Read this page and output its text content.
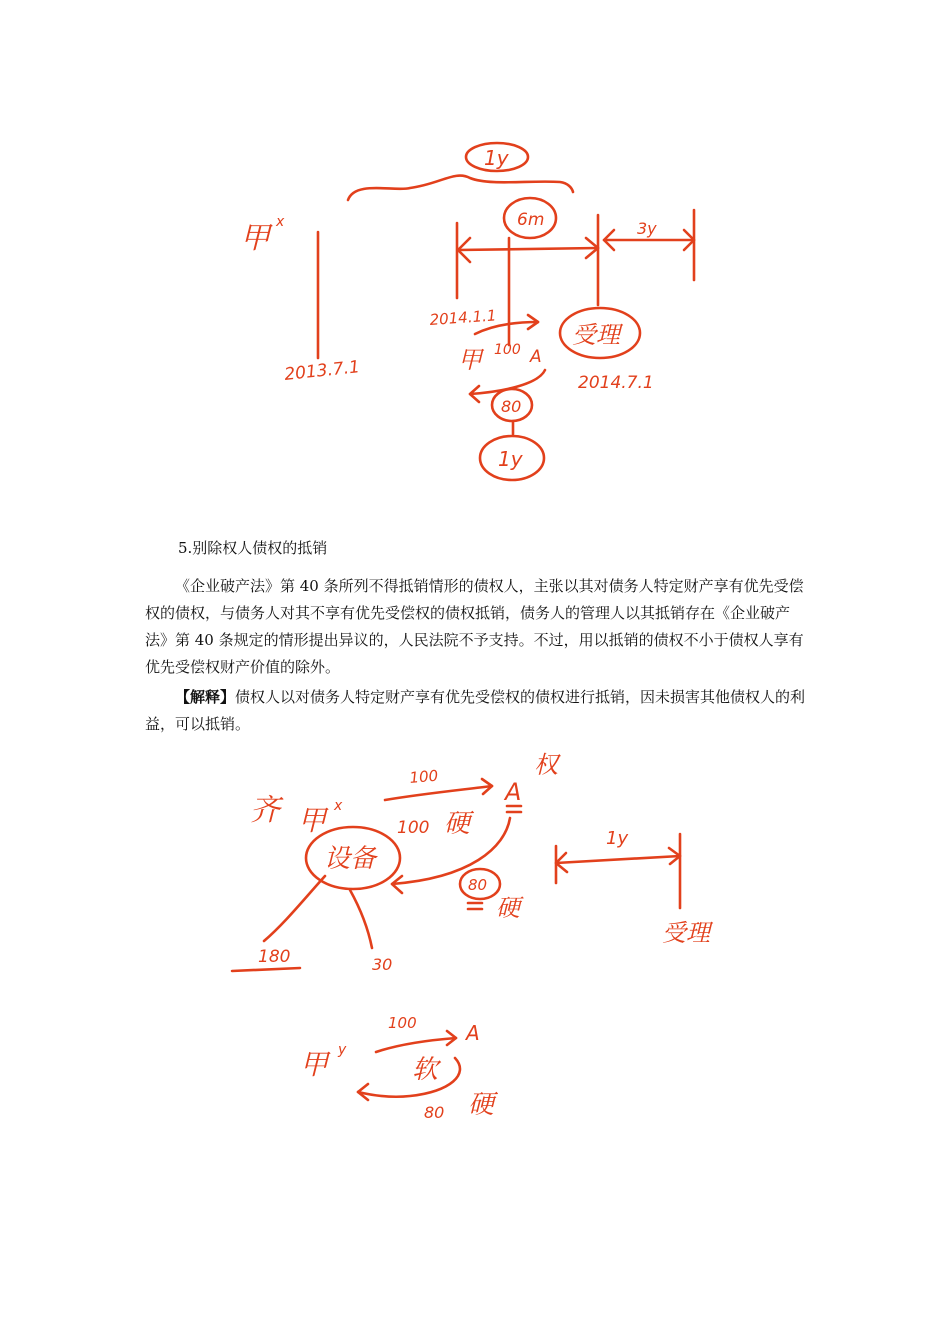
1y
甲 x
2013.7.1
6m	3y
2014.1.1
甲 100 A
受理
2014.7.1
80
1y
5.别除权人债权的抵销

《企业破产法》第 40 条所列不得抵销情形的债权人，主张以其对债务人特定财产享有优先受偿权的债权，与债务人对其不享有优先受偿权的债权抵销，债务人的管理人以其抵销存在《企业破产法》第 40 条规定的情形提出异议的，人民法院不予支持。不过，用以抵销的债权不小于债权人享有优先受偿权财产价值的除外。

【解释】债权人以对债务人特定财产享有优先受偿权的债权进行抵销，因未损害其他债权人的利益，可以抵销。

齐 甲 x
100
100 硬
A
权
设备
80
硬
1y
受理
180	30
甲 y
100 A
软
80 硬
